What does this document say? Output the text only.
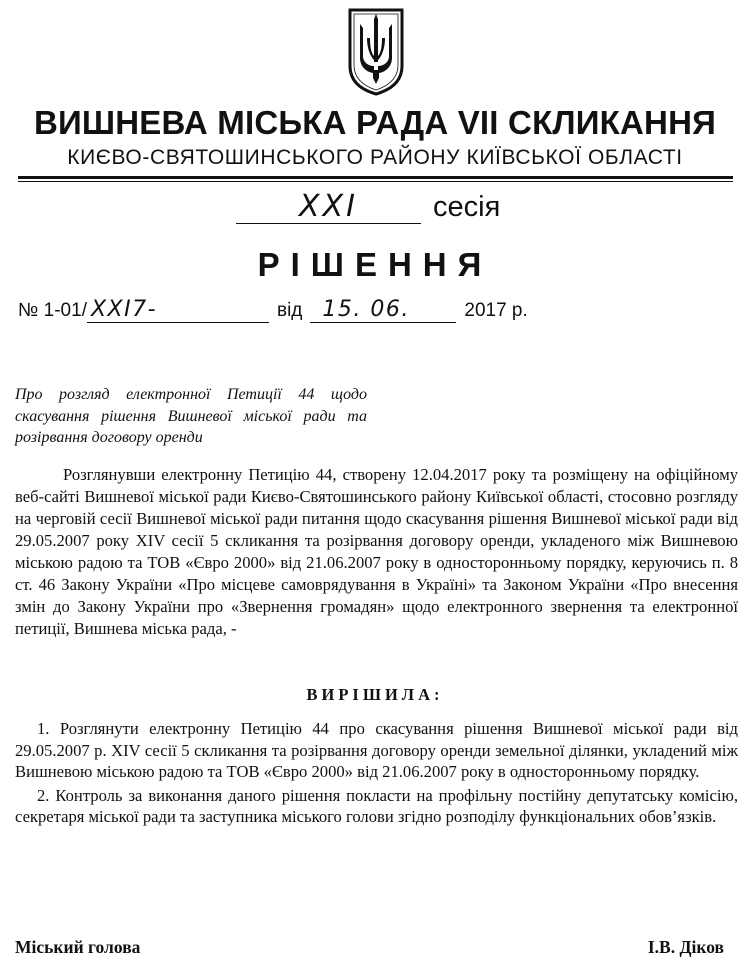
ВИШНЕВА МІСЬКА РАДА VII СКЛИКАННЯ
КИЄВО-СВЯТОШИНСЬКОГО РАЙОНУ КИЇВСЬКОЇ ОБЛАСТІ
XXI	сесія
РІШЕННЯ
№ 1-01/ XXI7-	від 15. 06.	2017 р.
Про розгляд електронної Петиції 44 щодо скасування рішення Вишневої міської ради та розірвання договору оренди

Розглянувши електронну Петицію 44, створену 12.04.2017 року та розміщену на офіційному веб-сайті Вишневої міської ради Києво-Святошинського району Київської області, стосовно розгляду на черговій сесії Вишневої міської ради питання щодо скасування рішення Вишневої міської ради від 29.05.2007 року XIV сесії 5 скликання та розірвання договору оренди, укладеного між Вишневою міською радою та ТОВ «Євро 2000» від 21.06.2007 року в односторонньому порядку, керуючись п. 8 ст. 46 Закону України «Про місцеве самоврядування в Україні» та Законом України «Про внесення змін до Закону України про «Звернення громадян» щодо електронного звернення та електронної петиції, Вишнева міська рада, -

ВИРІШИЛА:
1. Розглянути електронну Петицію 44 про скасування рішення Вишневої міської ради від 29.05.2007 р. XIV сесії 5 скликання та розірвання договору оренди земельної ділянки, укладений між Вишневою міською радою та ТОВ «Євро 2000» від 21.06.2007 року в односторонньому порядку.
2. Контроль за виконання даного рішення покласти на профільну постійну депутатську комісію, секретаря міської ради та заступника міського голови згідно розподілу функціональних обов’язків.
Міський голова	І.В. Діков
